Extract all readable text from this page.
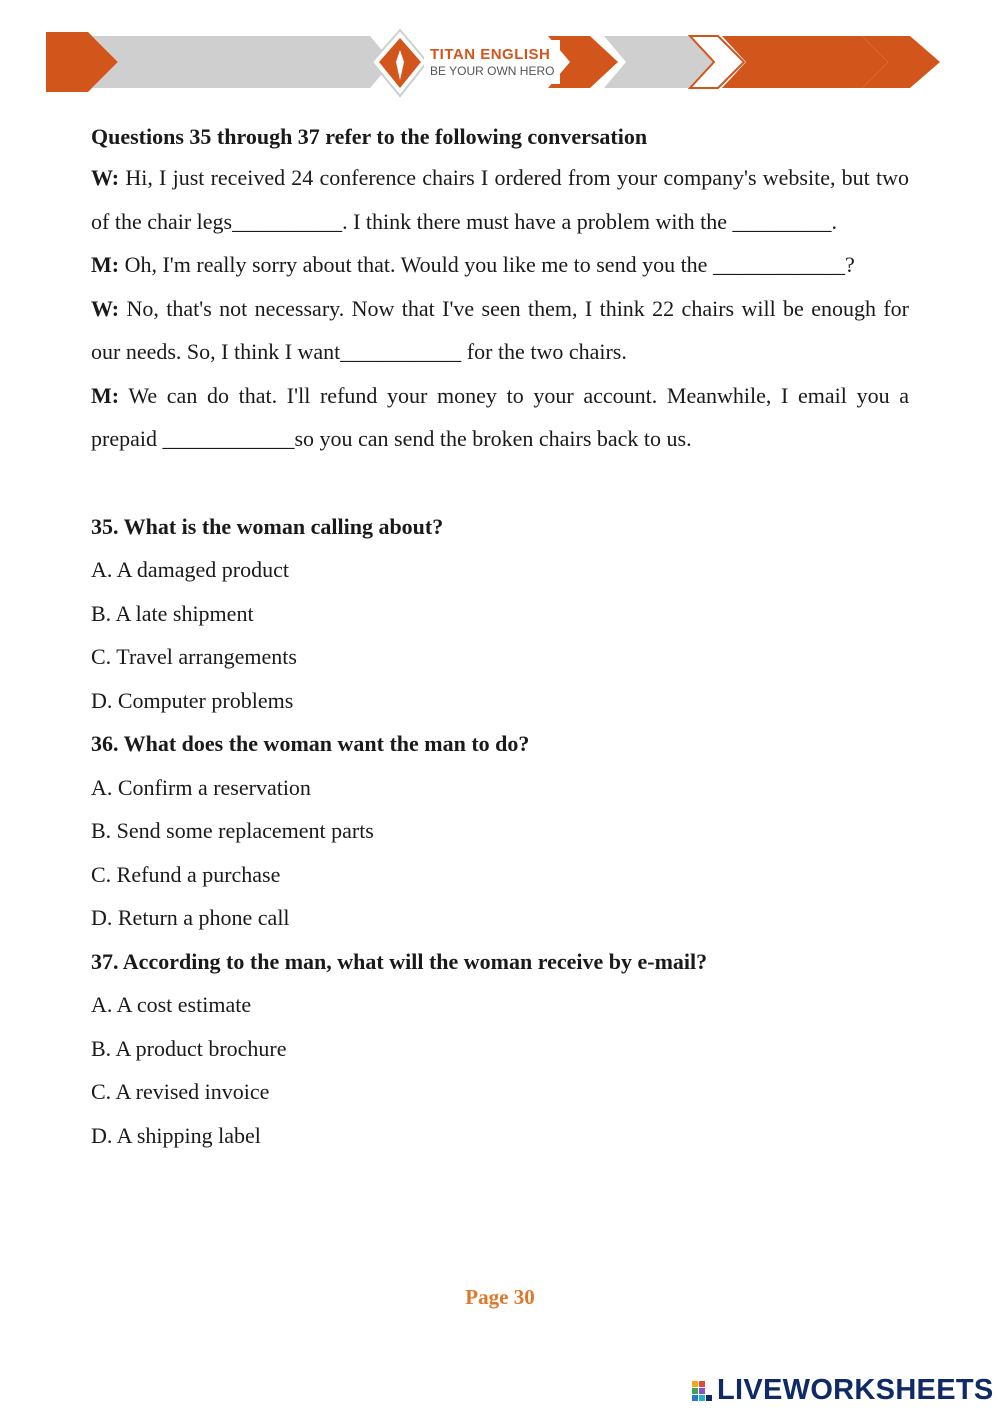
TITAN ENGLISH
BE YOUR OWN HERO
Questions 35 through 37 refer to the following conversation

W: Hi, I just received 24 conference chairs I ordered from your company's website, but two of the chair legs__________. I think there must have a problem with the _________.

M: Oh, I'm really sorry about that. Would you like me to send you the ____________?

W: No, that's not necessary. Now that I've seen them, I think 22 chairs will be enough for our needs. So, I think I want___________ for the two chairs.

M: We can do that. I'll refund your money to your account. Meanwhile, I email you a prepaid ____________so you can send the broken chairs back to us.

35. What is the woman calling about?

A. A damaged product

B. A late shipment

C. Travel arrangements

D. Computer problems

36. What does the woman want the man to do?

A. Confirm a reservation

B. Send some replacement parts

C. Refund a purchase

D. Return a phone call

37. According to the man, what will the woman receive by e-mail?

A. A cost estimate

B. A product brochure

C. A revised invoice

D. A shipping label

Page 30
LIVEWORKSHEETS
